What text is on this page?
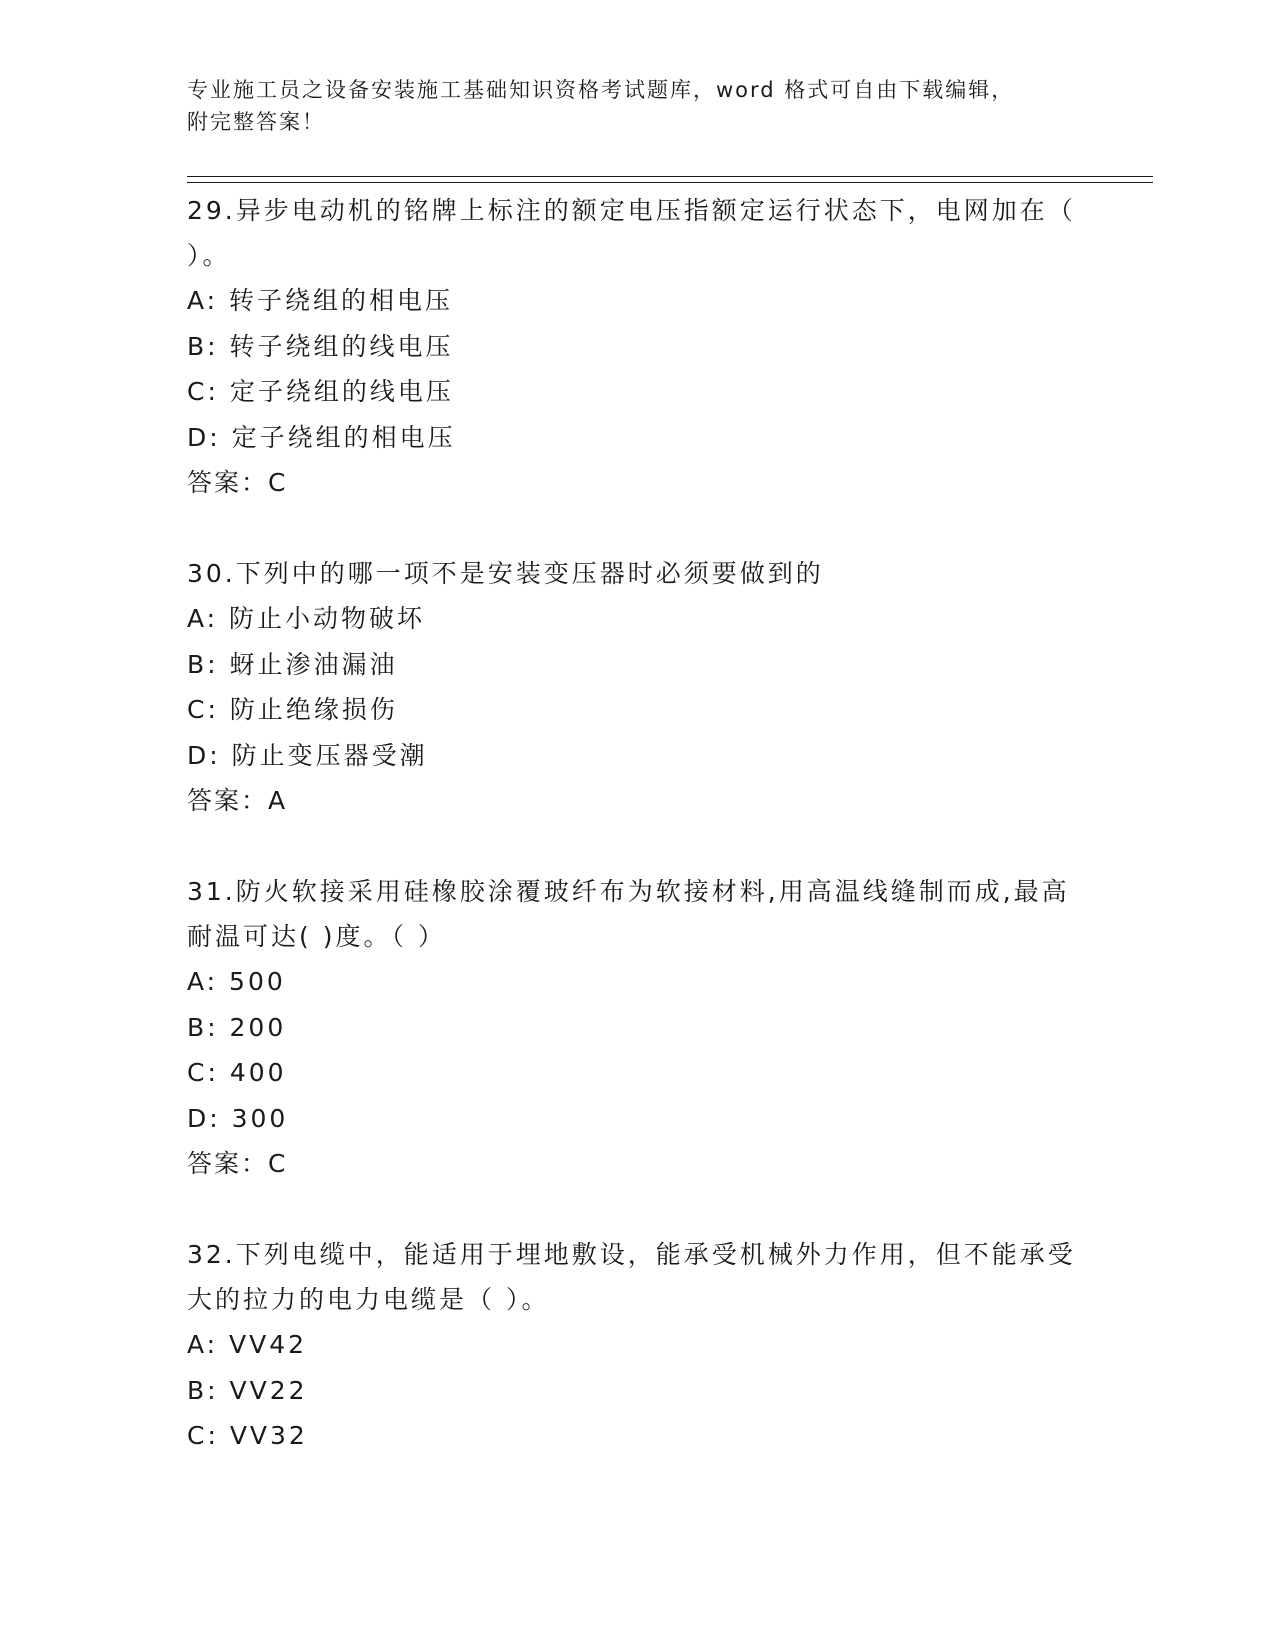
专业施工员之设备安装施工基础知识资格考试题库，word 格式可自由下载编辑，
附完整答案！

29.异步电动机的铭牌上标注的额定电压指额定运行状态下，电网加在（ ）。

A: 转子绕组的相电压

B: 转子绕组的线电压

C: 定子绕组的线电压

D: 定子绕组的相电压

答案：C

30.下列中的哪一项不是安装变压器时必须要做到的

A: 防止小动物破坏

B: 蚜止渗油漏油

C: 防止绝缘损伤

D: 防止变压器受潮

答案：A

31.防火软接采用硅橡胶涂覆玻纤布为软接材料,用高温线缝制而成,最高耐温可达( )度。（ ）

A: 500

B: 200

C: 400

D: 300

答案：C

32.下列电缆中，能适用于埋地敷设，能承受机械外力作用，但不能承受大的拉力的电力电缆是（ ）。

A: VV42

B: VV22

C: VV32
